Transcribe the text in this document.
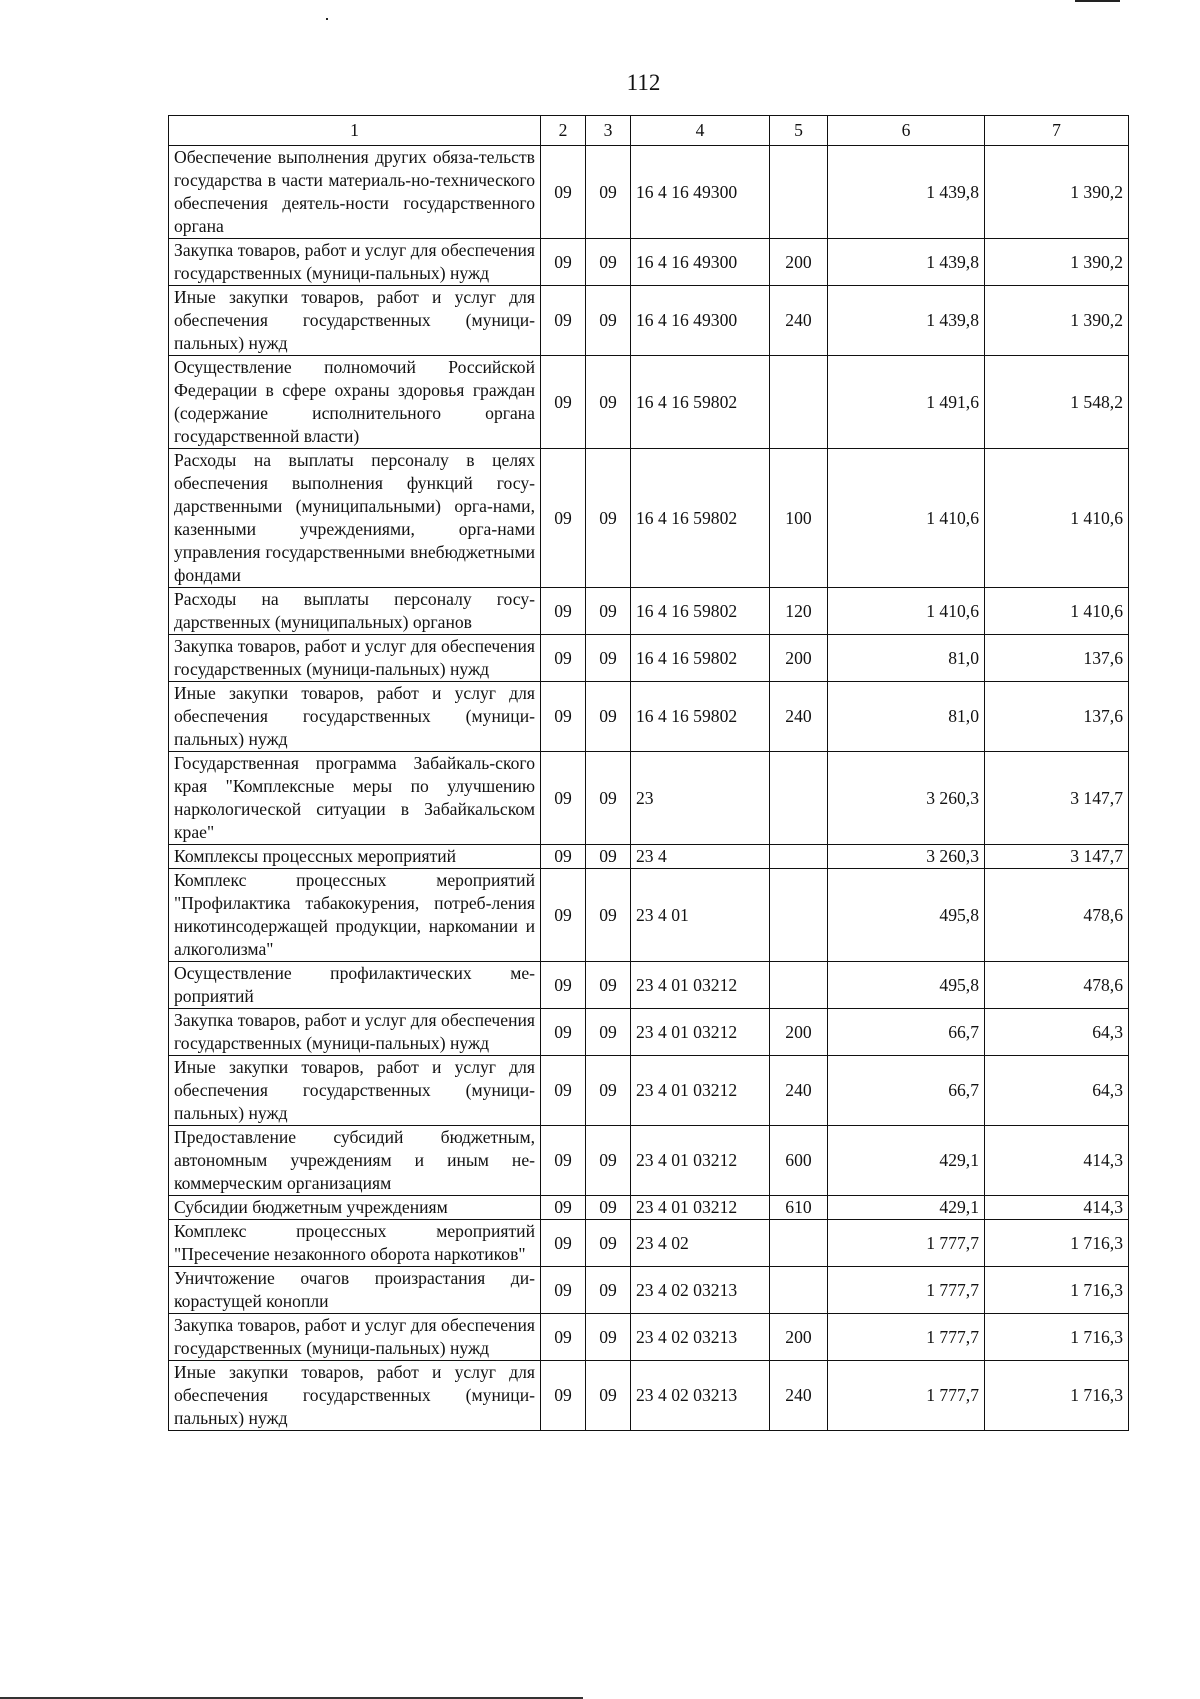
112
1	2	3	4	5	6	7
Обеспечение выполнения других обяза-тельств государства в части материаль-но-технического обеспечения деятель-ности государственного органа	09	09	16 4 16 49300		1 439,8	1 390,2
Закупка товаров, работ и услуг для обеспечения государственных (муници-пальных) нужд	09	09	16 4 16 49300	200	1 439,8	1 390,2
Иные закупки товаров, работ и услуг для обеспечения государственных (муници-пальных) нужд	09	09	16 4 16 49300	240	1 439,8	1 390,2
Осуществление полномочий Российской Федерации в сфере охраны здоровья граждан (содержание исполнительного органа государственной власти)	09	09	16 4 16 59802		1 491,6	1 548,2
Расходы на выплаты персоналу в целях обеспечения выполнения функций госу-дарственными (муниципальными) орга-нами, казенными учреждениями, орга-нами управления государственными внебюджетными фондами	09	09	16 4 16 59802	100	1 410,6	1 410,6
Расходы на выплаты персоналу госу-дарственных (муниципальных) органов	09	09	16 4 16 59802	120	1 410,6	1 410,6
Закупка товаров, работ и услуг для обеспечения государственных (муници-пальных) нужд	09	09	16 4 16 59802	200	81,0	137,6
Иные закупки товаров, работ и услуг для обеспечения государственных (муници-пальных) нужд	09	09	16 4 16 59802	240	81,0	137,6
Государственная программа Забайкаль-ского края "Комплексные меры по улучшению наркологической ситуации в Забайкальском крае"	09	09	23		3 260,3	3 147,7
Комплексы процессных мероприятий	09	09	23 4		3 260,3	3 147,7
Комплекс процессных мероприятий "Профилактика табакокурения, потреб-ления никотинсодержащей продукции, наркомании и алкоголизма"	09	09	23 4 01		495,8	478,6
Осуществление профилактических ме-роприятий	09	09	23 4 01 03212		495,8	478,6
Закупка товаров, работ и услуг для обеспечения государственных (муници-пальных) нужд	09	09	23 4 01 03212	200	66,7	64,3
Иные закупки товаров, работ и услуг для обеспечения государственных (муници-пальных) нужд	09	09	23 4 01 03212	240	66,7	64,3
Предоставление субсидий бюджетным, автономным учреждениям и иным не-коммерческим организациям	09	09	23 4 01 03212	600	429,1	414,3
Субсидии бюджетным учреждениям	09	09	23 4 01 03212	610	429,1	414,3
Комплекс процессных мероприятий "Пресечение незаконного оборота наркотиков"	09	09	23 4 02		1 777,7	1 716,3
Уничтожение очагов произрастания ди-корастущей конопли	09	09	23 4 02 03213		1 777,7	1 716,3
Закупка товаров, работ и услуг для обеспечения государственных (муници-пальных) нужд	09	09	23 4 02 03213	200	1 777,7	1 716,3
Иные закупки товаров, работ и услуг для обеспечения государственных (муници-пальных) нужд	09	09	23 4 02 03213	240	1 777,7	1 716,3
